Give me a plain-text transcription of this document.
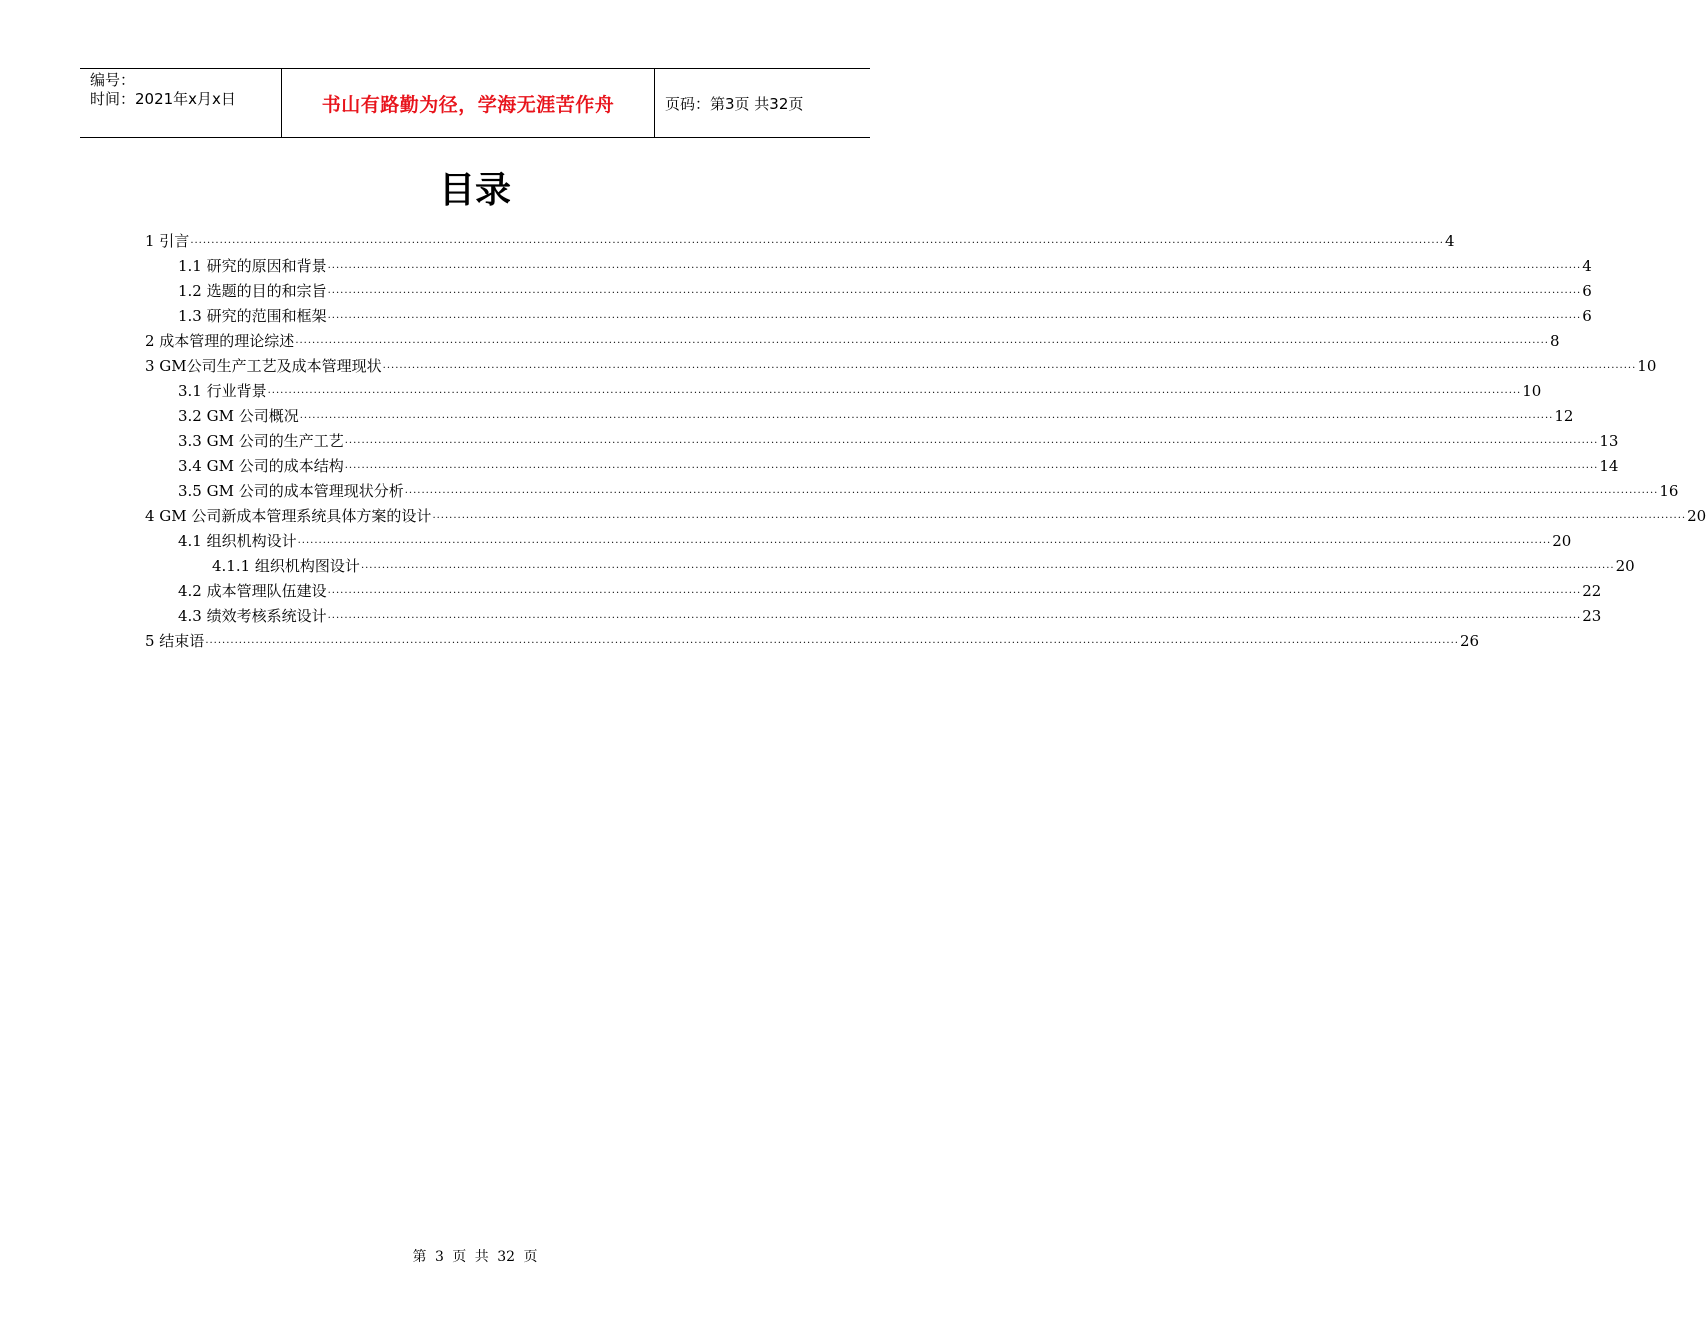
编号：
时间：2021年x月x日	书山有路勤为径，学海无涯苦作舟	页码：第3页 共32页
目录
1 引言 ............................................................................................................................................................................................................................................................................................................ 4
1.1 研究的原因和背景 ............................................................................................................................................................................................................................................................................................................ 4
1.2 选题的目的和宗旨 ............................................................................................................................................................................................................................................................................................................ 6
1.3 研究的范围和框架 ............................................................................................................................................................................................................................................................................................................ 6
2 成本管理的理论综述 ............................................................................................................................................................................................................................................................................................................ 8
3 GM公司生产工艺及成本管理现状 ............................................................................................................................................................................................................................................................................................................ 10
3.1 行业背景 ............................................................................................................................................................................................................................................................................................................ 10
3.2 GM 公司概况 ............................................................................................................................................................................................................................................................................................................ 12
3.3 GM 公司的生产工艺 ............................................................................................................................................................................................................................................................................................................ 13
3.4 GM 公司的成本结构 ............................................................................................................................................................................................................................................................................................................ 14
3.5 GM 公司的成本管理现状分析 ............................................................................................................................................................................................................................................................................................................ 16
4 GM 公司新成本管理系统具体方案的设计 ............................................................................................................................................................................................................................................................................................................ 20
4.1 组织机构设计 ............................................................................................................................................................................................................................................................................................................ 20
4.1.1 组织机构图设计 ............................................................................................................................................................................................................................................................................................................ 20
4.2 成本管理队伍建设 ............................................................................................................................................................................................................................................................................................................ 22
4.3 绩效考核系统设计 ............................................................................................................................................................................................................................................................................................................ 23
5 结束语 ............................................................................................................................................................................................................................................................................................................ 26
第 3 页 共 32 页
